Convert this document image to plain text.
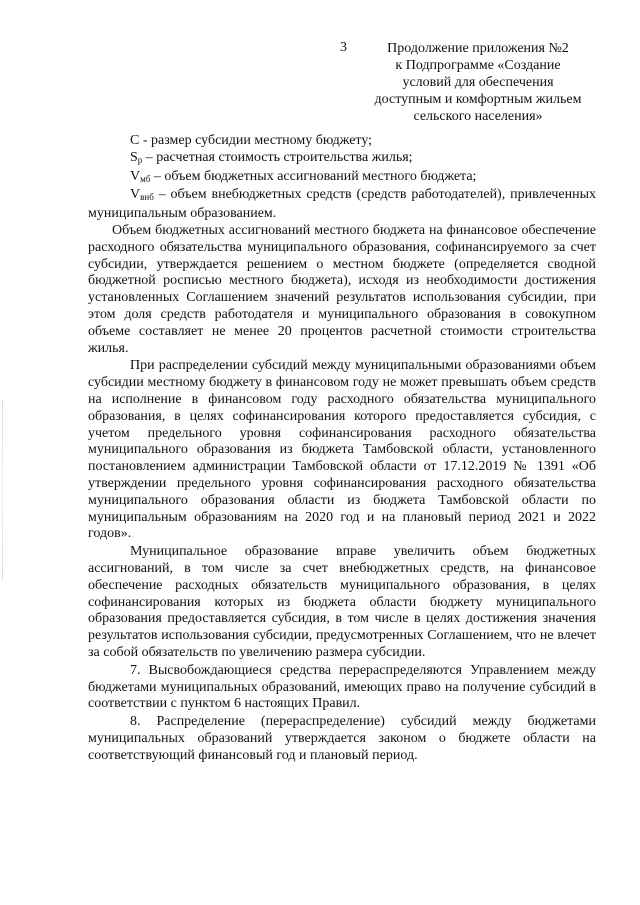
3	Продолжение приложения №2
к Подпрограмме «Создание
условий для обеспечения
доступным и комфортным жильем
сельского населения»

С - размер субсидии местному бюджету;

$S_р$ – расчетная стоимость строительства жилья;

$V_{мб}$ – объем бюджетных ассигнований местного бюджета;

$V_{внб}$ – объем внебюджетных средств (средств работодателей), привлеченных муниципальным образованием.

Объем бюджетных ассигнований местного бюджета на финансовое обеспечение расходного обязательства муниципального образования, софинансируемого за счет субсидии, утверждается решением о местном бюджете (определяется сводной бюджетной росписью местного бюджета), исходя из необходимости достижения установленных Соглашением значений результатов использования субсидии, при этом доля средств работодателя и муниципального образования в совокупном объеме составляет не менее 20 процентов расчетной стоимости строительства жилья.

При распределении субсидий между муниципальными образованиями объем субсидии местному бюджету в финансовом году не может превышать объем средств на исполнение в финансовом году расходного обязательства муниципального образования, в целях софинансирования которого предоставляется субсидия, с учетом предельного уровня софинансирования расходного обязательства муниципального образования из бюджета Тамбовской области, установленного постановлением администрации Тамбовской области от 17.12.2019 № 1391 «Об утверждении предельного уровня софинансирования расходного обязательства муниципального образования области из бюджета Тамбовской области по муниципальным образованиям на 2020 год и на плановый период 2021 и 2022 годов».

Муниципальное образование вправе увеличить объем бюджетных ассигнований, в том числе за счет внебюджетных средств, на финансовое обеспечение расходных обязательств муниципального образования, в целях софинансирования которых из бюджета области бюджету муниципального образования предоставляется субсидия, в том числе в целях достижения значения результатов использования субсидии, предусмотренных Соглашением, что не влечет за собой обязательств по увеличению размера субсидии.

7. Высвобождающиеся средства перераспределяются Управлением между бюджетами муниципальных образований, имеющих право на получение субсидий в соответствии с пунктом 6 настоящих Правил.

8. Распределение (перераспределение) субсидий между бюджетами муниципальных образований утверждается законом о бюджете области на соответствующий финансовый год и плановый период.
